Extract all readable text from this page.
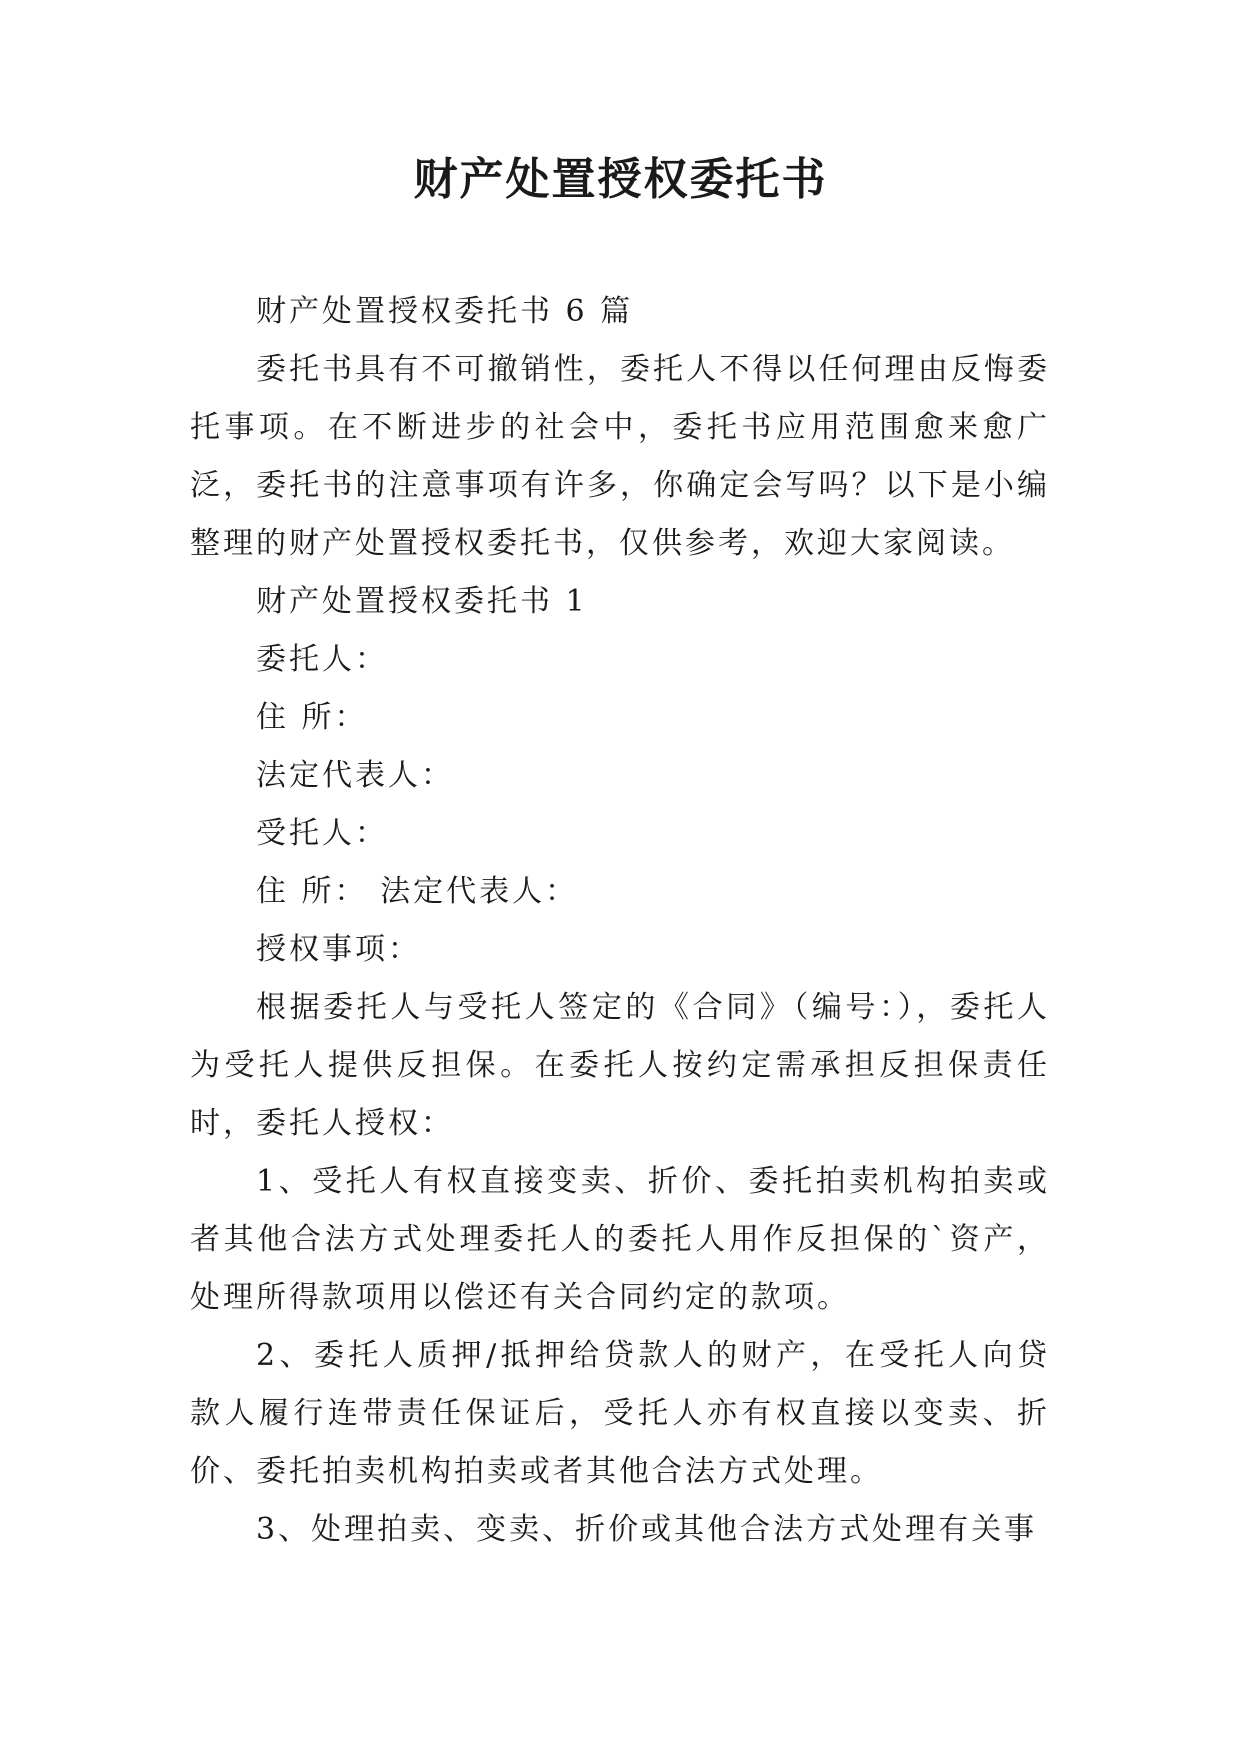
财产处置授权委托书

财产处置授权委托书 6 篇

委托书具有不可撤销性，委托人不得以任何理由反悔委托事项。在不断进步的社会中，委托书应用范围愈来愈广泛，委托书的注意事项有许多，你确定会写吗？以下是小编整理的财产处置授权委托书，仅供参考，欢迎大家阅读。

财产处置授权委托书 1

委托人：

住 所：

法定代表人：

受托人：

住 所： 法定代表人：

授权事项：

根据委托人与受托人签定的《合同》（编号：），委托人为受托人提供反担保。在委托人按约定需承担反担保责任时，委托人授权：

1、受托人有权直接变卖、折价、委托拍卖机构拍卖或者其他合法方式处理委托人的委托人用作反担保的`资产，处理所得款项用以偿还有关合同约定的款项。

2、委托人质押/抵押给贷款人的财产，在受托人向贷款人履行连带责任保证后，受托人亦有权直接以变卖、折价、委托拍卖机构拍卖或者其他合法方式处理。

3、处理拍卖、变卖、折价或其他合法方式处理有关事
